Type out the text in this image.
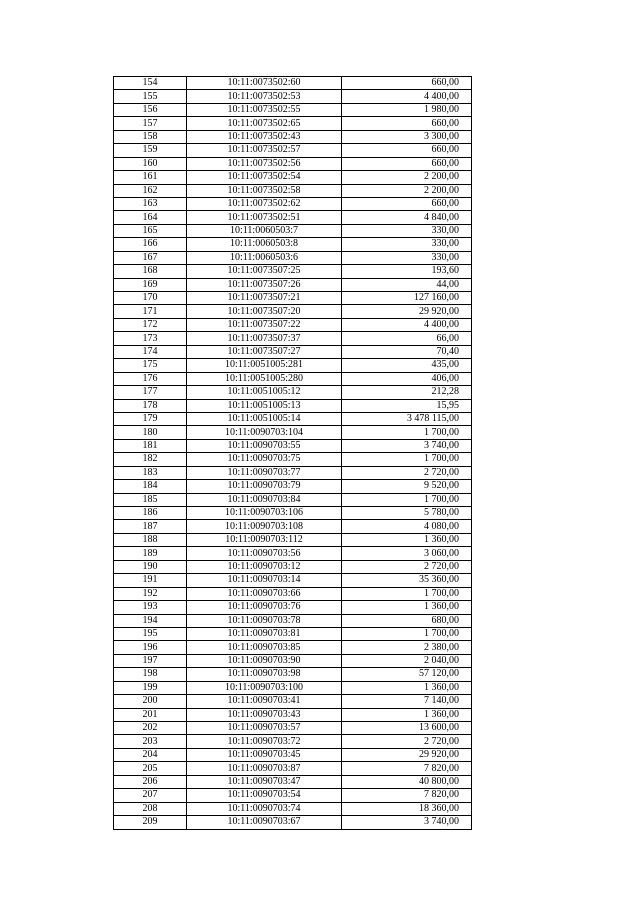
154	10:11:0073502:60	660,00
155	10:11:0073502:53	4 400,00
156	10:11:0073502:55	1 980,00
157	10:11:0073502:65	660,00
158	10:11:0073502:43	3 300,00
159	10:11:0073502:57	660,00
160	10:11:0073502:56	660,00
161	10:11:0073502:54	2 200,00
162	10:11:0073502:58	2 200,00
163	10:11:0073502:62	660,00
164	10:11:0073502:51	4 840,00
165	10:11:0060503:7	330,00
166	10:11:0060503:8	330,00
167	10:11:0060503:6	330,00
168	10:11:0073507:25	193,60
169	10:11:0073507:26	44,00
170	10:11:0073507:21	127 160,00
171	10:11:0073507:20	29 920,00
172	10:11:0073507:22	4 400,00
173	10:11:0073507:37	66,00
174	10:11:0073507:27	70,40
175	10:11:0051005:281	435,00
176	10:11:0051005:280	406,00
177	10:11:0051005:12	212,28
178	10:11:0051005:13	15,95
179	10:11:0051005:14	3 478 115,00
180	10:11:0090703:104	1 700,00
181	10:11:0090703:55	3 740,00
182	10:11:0090703:75	1 700,00
183	10:11:0090703:77	2 720,00
184	10:11:0090703:79	9 520,00
185	10:11:0090703:84	1 700,00
186	10:11:0090703:106	5 780,00
187	10:11:0090703:108	4 080,00
188	10:11:0090703:112	1 360,00
189	10:11:0090703:56	3 060,00
190	10:11:0090703:12	2 720,00
191	10:11:0090703:14	35 360,00
192	10:11:0090703:66	1 700,00
193	10:11:0090703:76	1 360,00
194	10:11:0090703:78	680,00
195	10:11:0090703:81	1 700,00
196	10:11:0090703:85	2 380,00
197	10:11:0090703:90	2 040,00
198	10:11:0090703:98	57 120,00
199	10:11:0090703:100	1 360,00
200	10:11:0090703:41	7 140,00
201	10:11:0090703:43	1 360,00
202	10:11:0090703:57	13 600,00
203	10:11:0090703:72	2 720,00
204	10:11:0090703:45	29 920,00
205	10:11:0090703:87	7 820,00
206	10:11:0090703:47	40 800,00
207	10:11:0090703:54	7 820,00
208	10:11:0090703:74	18 360,00
209	10:11:0090703:67	3 740,00
